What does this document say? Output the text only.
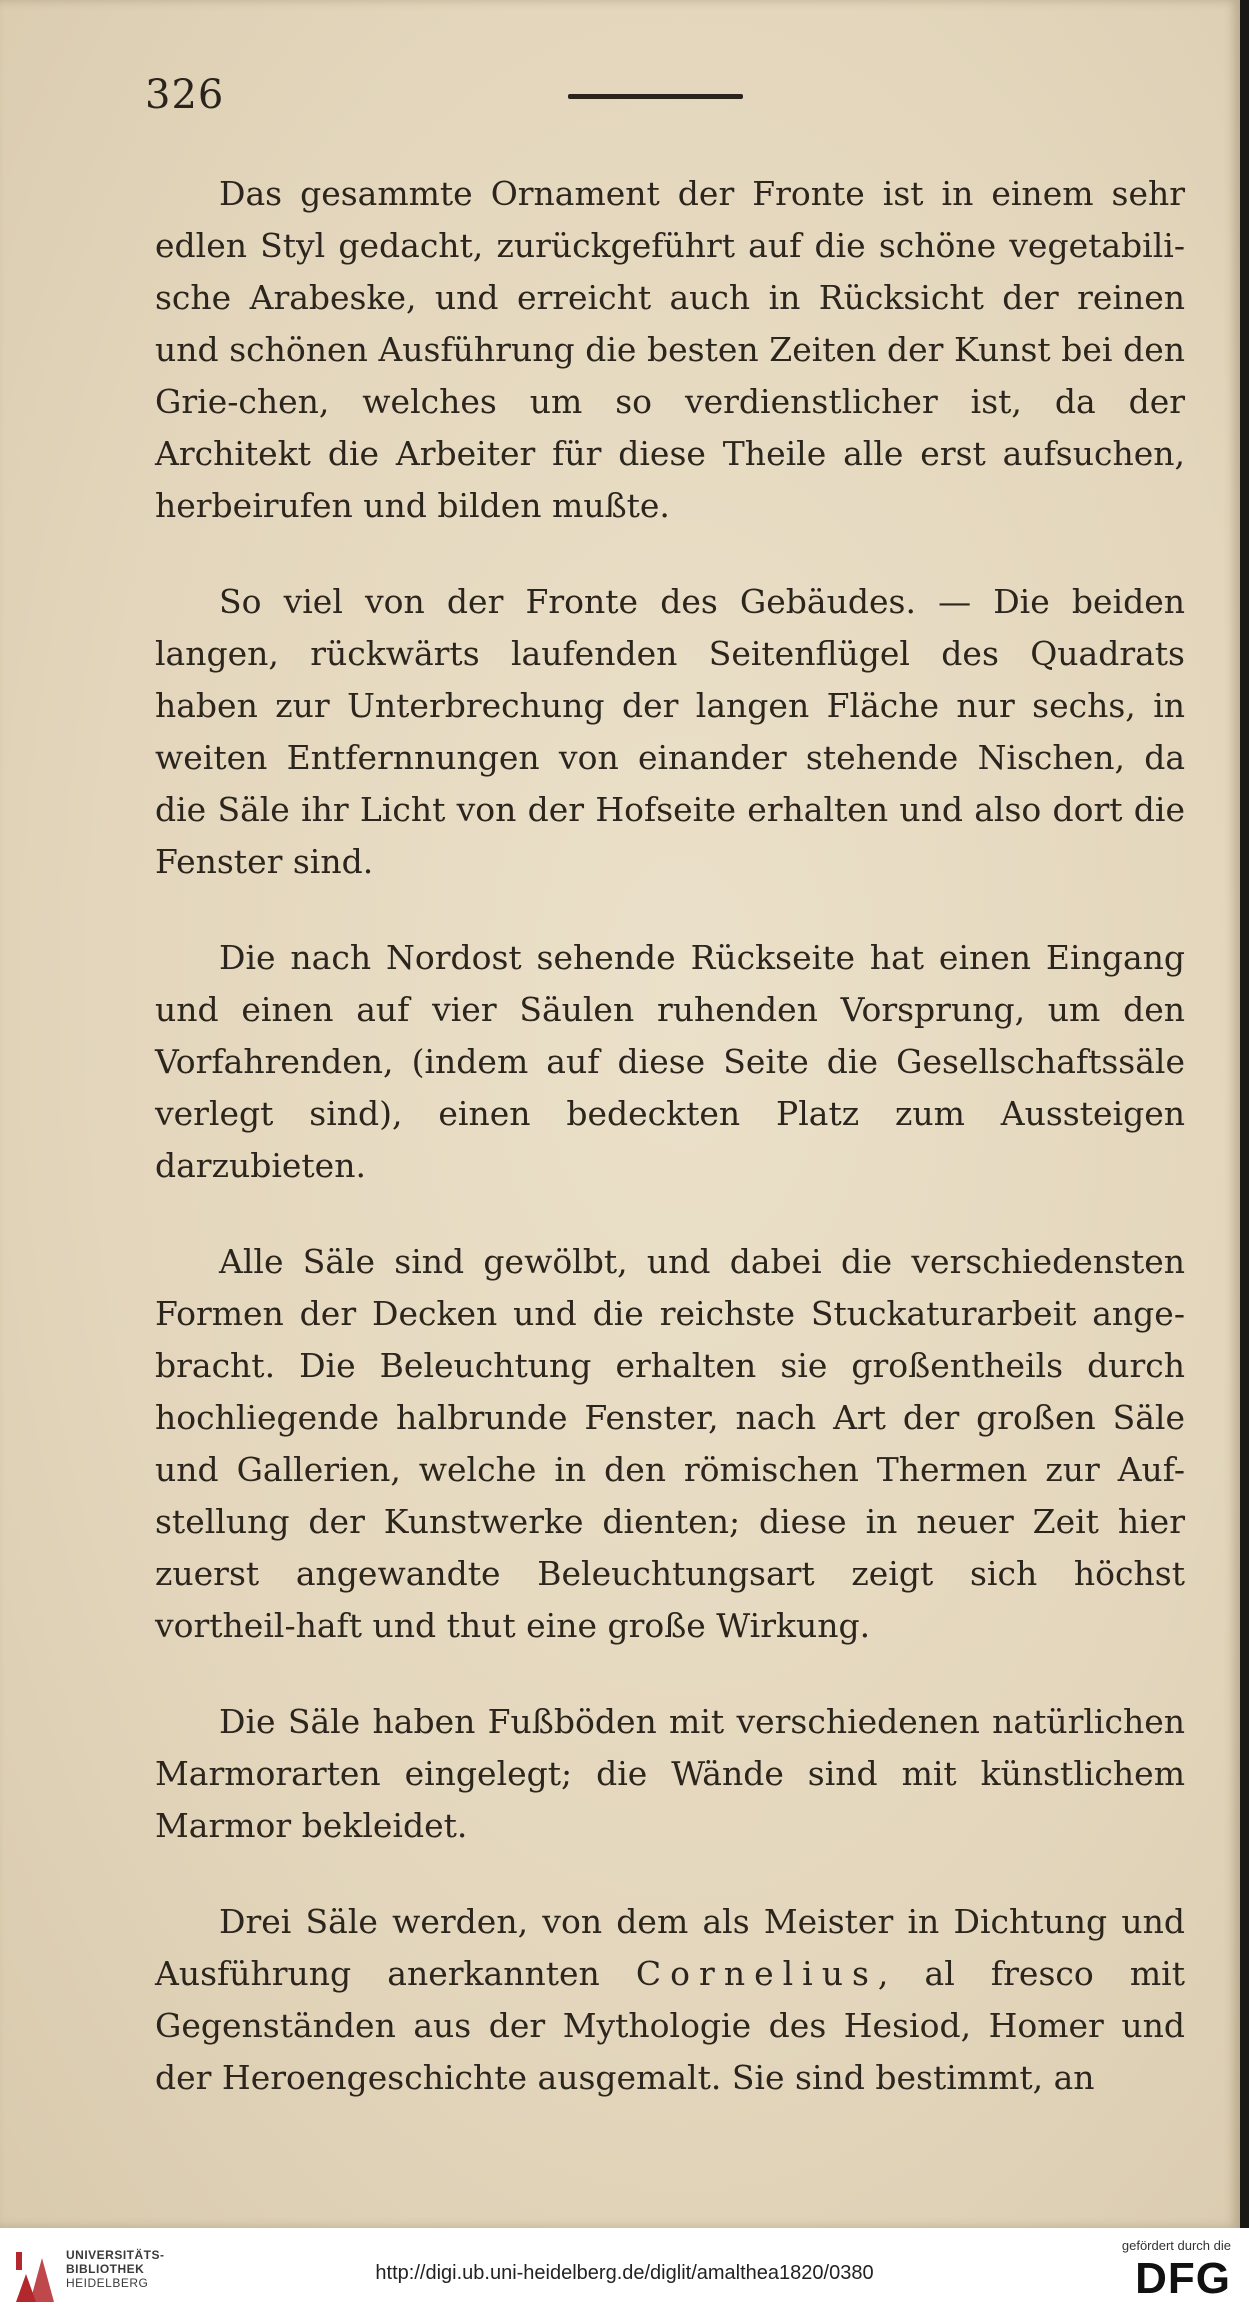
326

Das gesammte Ornament der Fronte ist in einem sehr edlen Styl gedacht, zurückgeführt auf die schöne vegetabili-sche Arabeske, und erreicht auch in Rücksicht der reinen und schönen Ausführung die besten Zeiten der Kunst bei den Grie-chen, welches um so verdienstlicher ist, da der Architekt die Arbeiter für diese Theile alle erst aufsuchen, herbeirufen und bilden mußte.

So viel von der Fronte des Gebäudes. — Die beiden langen, rückwärts laufenden Seitenflügel des Quadrats haben zur Unterbrechung der langen Fläche nur sechs, in weiten Entfernnungen von einander stehende Nischen, da die Säle ihr Licht von der Hofseite erhalten und also dort die Fenster sind.

Die nach Nordost sehende Rückseite hat einen Eingang und einen auf vier Säulen ruhenden Vorsprung, um den Vorfahrenden, (indem auf diese Seite die Gesellschaftssäle verlegt sind), einen bedeckten Platz zum Aussteigen darzubieten.

Alle Säle sind gewölbt, und dabei die verschiedensten Formen der Decken und die reichste Stuckaturarbeit ange-bracht. Die Beleuchtung erhalten sie großentheils durch hochliegende halbrunde Fenster, nach Art der großen Säle und Gallerien, welche in den römischen Thermen zur Auf-stellung der Kunstwerke dienten; diese in neuer Zeit hier zuerst angewandte Beleuchtungsart zeigt sich höchst vortheil-haft und thut eine große Wirkung.

Die Säle haben Fußböden mit verschiedenen natürlichen Marmorarten eingelegt; die Wände sind mit künstlichem Marmor bekleidet.

Drei Säle werden, von dem als Meister in Dichtung und Ausführung anerkannten Cornelius, al fresco mit Gegenständen aus der Mythologie des Hesiod, Homer und der Heroengeschichte ausgemalt. Sie sind bestimmt, an

UNIVERSITÄTS-
BIBLIOTHEK
HEIDELBERG	http://digi.ub.uni-heidelberg.de/diglit/amalthea1820/0380
gefördert durch die
DFG
